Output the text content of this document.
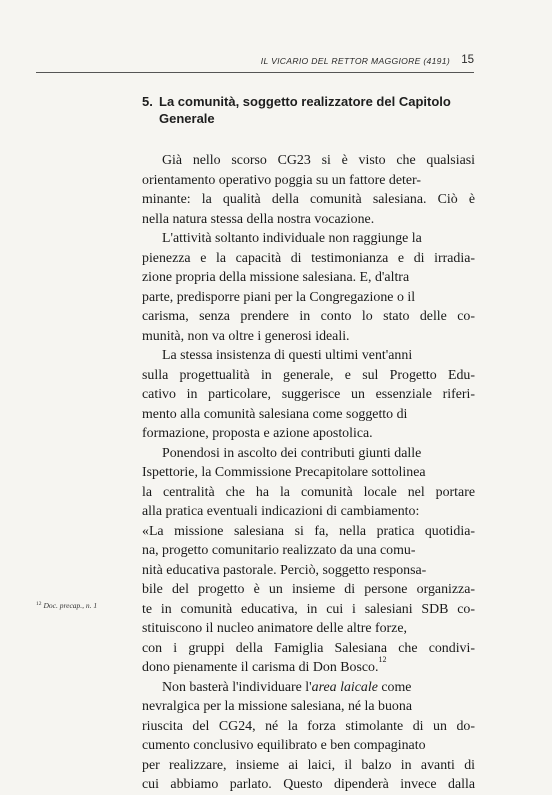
IL VICARIO DEL RETTOR MAGGIORE (4191) 15

5. La comunità, soggetto realizzatore del Capitolo
Generale
Già nello scorso CG23 si è visto che qualsiasi
orientamento operativo poggia su un fattore deter-
minante: la qualità della comunità salesiana. Ciò è
nella natura stessa della nostra vocazione.
L'attività soltanto individuale non raggiunge la
pienezza e la capacità di testimonianza e di irradia-
zione propria della missione salesiana. E, d'altra
parte, predisporre piani per la Congregazione o il
carisma, senza prendere in conto lo stato delle co-
munità, non va oltre i generosi ideali.
La stessa insistenza di questi ultimi vent'anni
sulla progettualità in generale, e sul Progetto Edu-
cativo in particolare, suggerisce un essenziale riferi-
mento alla comunità salesiana come soggetto di
formazione, proposta e azione apostolica.
Ponendosi in ascolto dei contributi giunti dalle
Ispettorie, la Commissione Precapitolare sottolinea
la centralità che ha la comunità locale nel portare
alla pratica eventuali indicazioni di cambiamento:
«La missione salesiana si fa, nella pratica quotidia-
na, progetto comunitario realizzato da una comu-
nità educativa pastorale. Perciò, soggetto responsa-
bile del progetto è un insieme di persone organizza-
te in comunità educativa, in cui i salesiani SDB co-
stituiscono il nucleo animatore delle altre forze,
con i gruppi della Famiglia Salesiana che condivi-
dono pienamente il carisma di Don Bosco.$^{12}$
Non basterà l'individuare l'area laicale come
nevralgica per la missione salesiana, né la buona
riuscita del CG24, né la forza stimolante di un do-
cumento conclusivo equilibrato e ben compaginato
per realizzare, insieme ai laici, il balzo in avanti di
cui abbiamo parlato. Questo dipenderà invece dalla
$^{12}$ Doc. precap., n. 1
